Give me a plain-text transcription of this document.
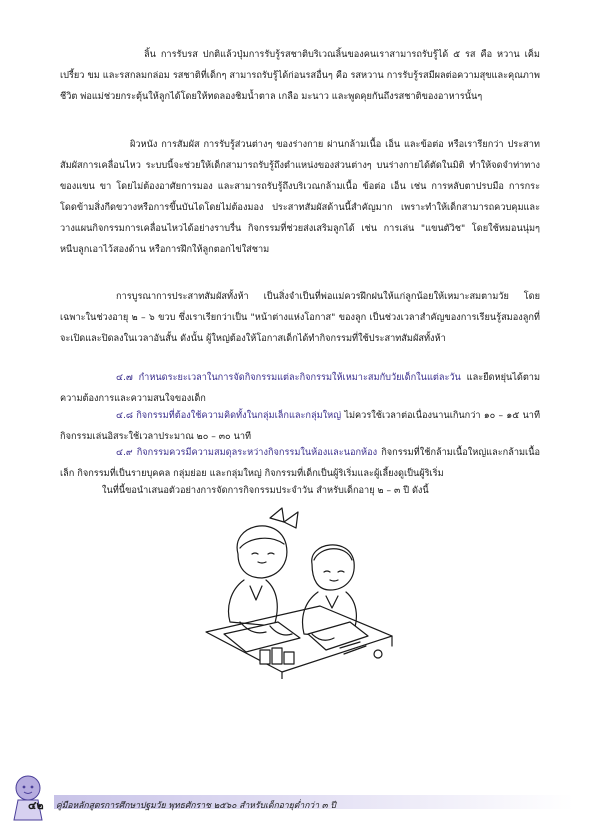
ลิ้น การรับรส ปกติแล้วปุ่มการรับรู้รสชาติบริเวณลิ้นของคนเราสามารถรับรู้ได้ ๕ รส คือ หวาน เค็ม เปรี้ยว ขม และรสกลมกล่อม รสชาติที่เด็กๆ สามารถรับรู้ได้ก่อนรสอื่นๆ คือ รสหวาน การรับรู้รสมีผลต่อความสุขและคุณภาพชีวิต พ่อแม่ช่วยกระตุ้นให้ลูกได้โดยให้ทดลองชิมน้ำตาล เกลือ มะนาว และพูดคุยกันถึงรสชาติของอาหารนั้นๆ
ผิวหนัง การสัมผัส การรับรู้ส่วนต่างๆ ของร่างกาย ผ่านกล้ามเนื้อ เอ็น และข้อต่อ หรือเรารียกว่า ประสาทสัมผัสการเคลื่อนไหว ระบบนี้จะช่วยให้เด็กสามารถรับรู้ถึงตำแหน่งของส่วนต่างๆ บนร่างกายได้ตัดในมิติ ทำให้จดจำท่าทางของแขน ขา โดยไม่ต้องอาศัยการมอง และสามารถรับรู้ถึงบริเวณกล้ามเนื้อ ข้อต่อ เอ็น เช่น การหลับตาปรบมือ การกระโดดข้ามสิ่งกีดขวางหรือการขึ้นบันไดโดยไม่ต้องมอง ประสาทสัมผัสด้านนี้สำคัญมาก เพราะทำให้เด็กสามารถควบคุมและวางแผนกิจกรรมการเคลื่อนไหวได้อย่างราบรื่น กิจกรรมที่ช่วยส่งเสริมลูกได้ เช่น การเล่น "แขนตัวิช" โดยใช้หมอนนุ่มๆ หนีบลูกเอาไว้สองด้าน หรือการฝึกให้ลูกตอกไข่ใส่ชาม
การบูรณาการประสาทสัมผัสทั้งห้า เป็นสิ่งจำเป็นที่พ่อแม่ควรฝึกฝนให้แก่ลูกน้อยให้เหมาะสมตามวัย โดยเฉพาะในช่วงอายุ ๒ – ๖ ขวบ ซึ่งเราเรียกว่าเป็น "หน้าต่างแห่งโอกาส" ของลูก เป็นช่วงเวลาสำคัญของการเรียนรู้สมองลูกที่จะเปิดและปิดลงในเวลาอันสั้น ดังนั้น ผู้ใหญ่ต้องให้โอกาสเด็กได้ทำกิจกรรมที่ใช้ประสาทสัมผัสทั้งห้า
๔.๗ กำหนดระยะเวลาในการจัดกิจกรรมแต่ละกิจกรรมให้เหมาะสมกับวัยเด็กในแต่ละวัน และยืดหยุ่นได้ตามความต้องการและความสนใจของเด็ก
๔.๘ กิจกรรมที่ต้องใช้ความคิดทั้งในกลุ่มเล็กและกลุ่มใหญ่ ไม่ควรใช้เวลาต่อเนื่องนานเกินกว่า ๑๐ – ๑๕ นาที กิจกรรมเล่นอิสระใช้เวลาประมาณ ๒๐ – ๓๐ นาที
๔.๙ กิจกรรมควรมีความสมดุลระหว่างกิจกรรมในห้องและนอกห้อง กิจกรรมที่ใช้กล้ามเนื้อใหญ่และกล้ามเนื้อเล็ก กิจกรรมที่เป็นรายบุคคล กลุ่มย่อย และกลุ่มใหญ่ กิจกรรมที่เด็กเป็นผู้ริเริ่มและผู้เลี้ยงดูเป็นผู้ริเริ่ม
ในที่นี้ขอนำเสนอตัวอย่างการจัดการกิจกรรมประจำวัน สำหรับเด็กอายุ ๒ – ๓ ปี ดังนี้
๔๒ คู่มือหลักสูตรการศึกษาปฐมวัย พุทธศักราช ๒๕๖๐ สำหรับเด็กอายุต่ำกว่า ๓ ปี
